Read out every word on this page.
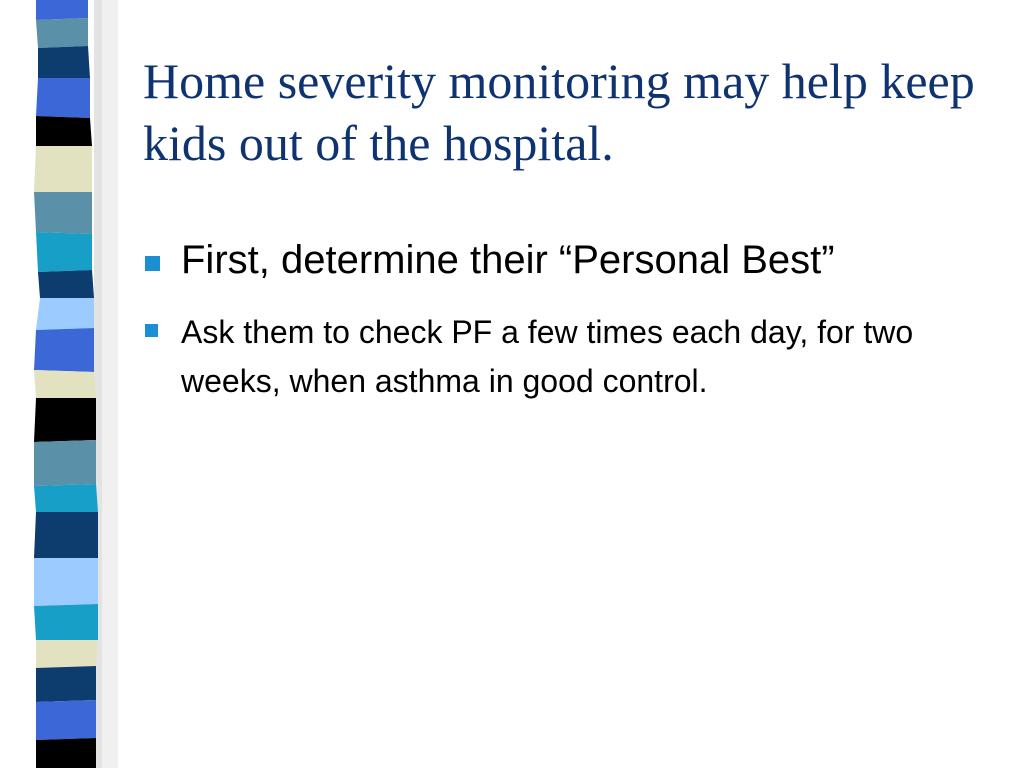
Home severity monitoring may help keep kids out of the hospital.
First, determine their “Personal Best”
Ask them to check PF a few times each day, for two weeks, when asthma in good control.
